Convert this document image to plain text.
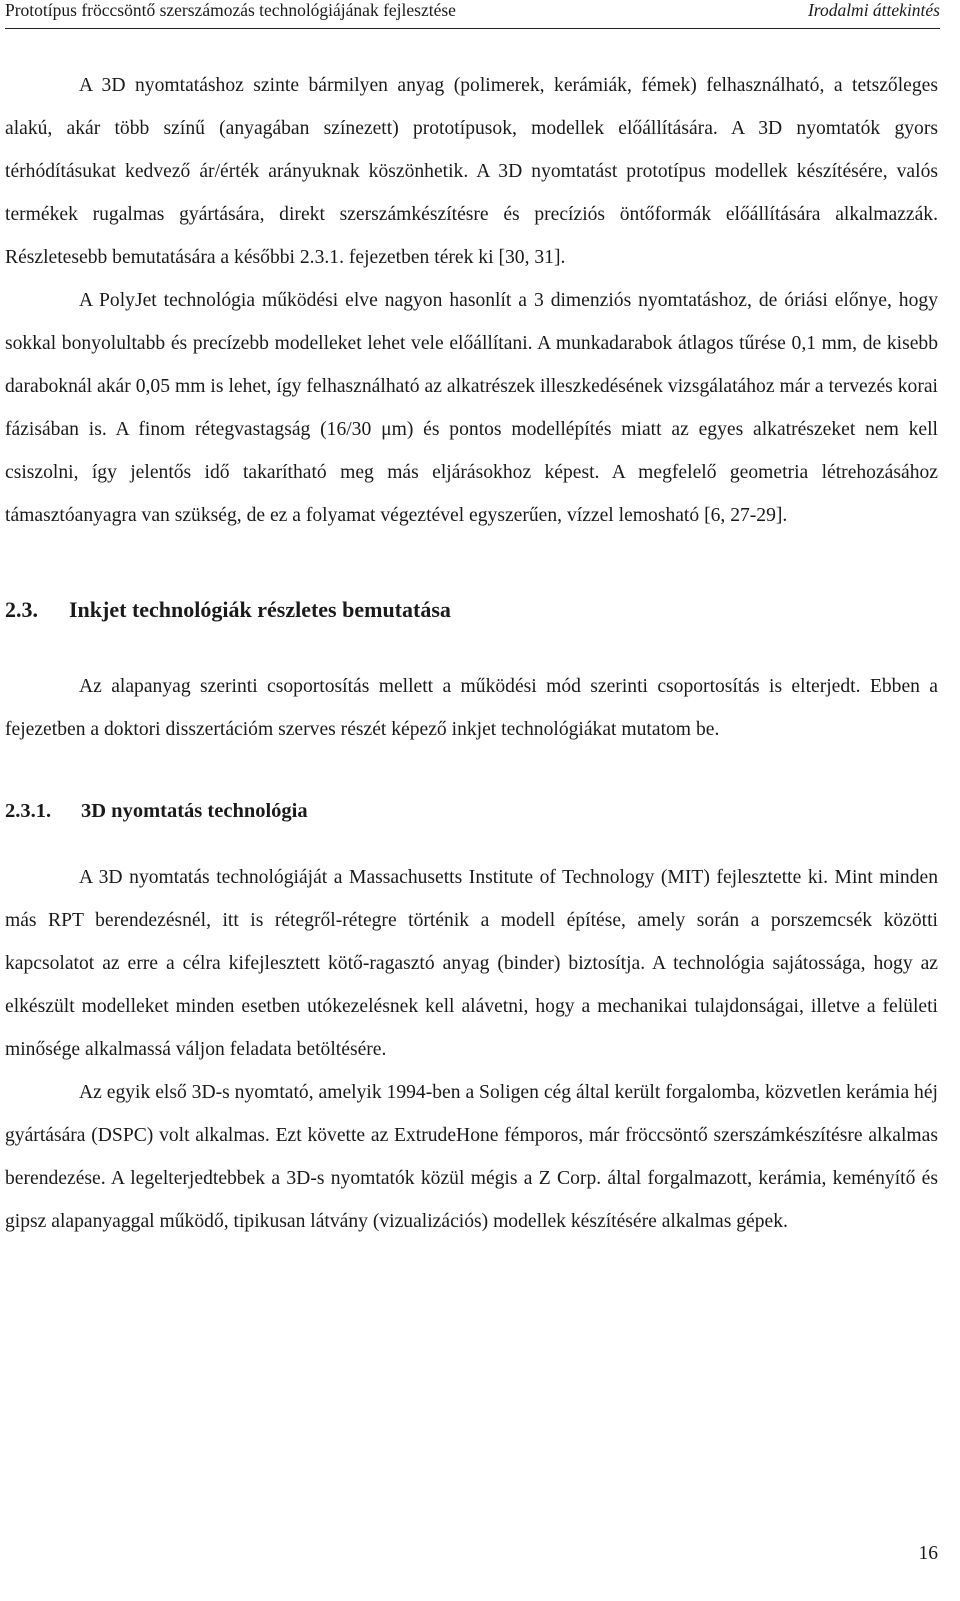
Prototípus fröccsöntő szerszámozás technológiájának fejlesztése	Irodalmi áttekintés

A 3D nyomtatáshoz szinte bármilyen anyag (polimerek, kerámiák, fémek) felhasználható, a tetszőleges alakú, akár több színű (anyagában színezett) prototípusok, modellek előállítására. A 3D nyomtatók gyors térhódításukat kedvező ár/érték arányuknak köszönhetik. A 3D nyomtatást prototípus modellek készítésére, valós termékek rugalmas gyártására, direkt szerszámkészítésre és precíziós öntőformák előállítására alkalmazzák. Részletesebb bemutatására a későbbi 2.3.1. fejezetben térek ki [30, 31].

A PolyJet technológia működési elve nagyon hasonlít a 3 dimenziós nyomtatáshoz, de óriási előnye, hogy sokkal bonyolultabb és precízebb modelleket lehet vele előállítani. A munkadarabok átlagos tűrése 0,1 mm, de kisebb daraboknál akár 0,05 mm is lehet, így felhasználható az alkatrészek illeszkedésének vizsgálatához már a tervezés korai fázisában is. A finom rétegvastagság (16/30 μm) és pontos modellépítés miatt az egyes alkatrészeket nem kell csiszolni, így jelentős idő takarítható meg más eljárásokhoz képest. A megfelelő geometria létrehozásához támasztóanyagra van szükség, de ez a folyamat végeztével egyszerűen, vízzel lemosható [6, 27-29].

2.3. Inkjet technológiák részletes bemutatása

Az alapanyag szerinti csoportosítás mellett a működési mód szerinti csoportosítás is elterjedt. Ebben a fejezetben a doktori disszertációm szerves részét képező inkjet technológiákat mutatom be.

2.3.1. 3D nyomtatás technológia

A 3D nyomtatás technológiáját a Massachusetts Institute of Technology (MIT) fejlesztette ki. Mint minden más RPT berendezésnél, itt is rétegről-rétegre történik a modell építése, amely során a porszemcsék közötti kapcsolatot az erre a célra kifejlesztett kötő-ragasztó anyag (binder) biztosítja. A technológia sajátossága, hogy az elkészült modelleket minden esetben utókezelésnek kell alávetni, hogy a mechanikai tulajdonságai, illetve a felületi minősége alkalmassá váljon feladata betöltésére.

Az egyik első 3D-s nyomtató, amelyik 1994-ben a Soligen cég által került forgalomba, közvetlen kerámia héj gyártására (DSPC) volt alkalmas. Ezt követte az ExtrudeHone fémporos, már fröccsöntő szerszámkészítésre alkalmas berendezése. A legelterjedtebbek a 3D-s nyomtatók közül mégis a Z Corp. által forgalmazott, kerámia, keményítő és gipsz alapanyaggal működő, tipikusan látvány (vizualizációs) modellek készítésére alkalmas gépek.

16
